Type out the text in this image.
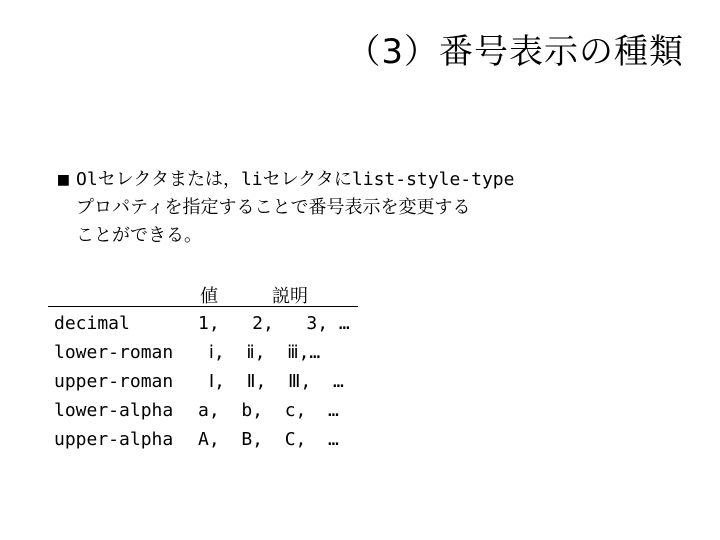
（3）番号表示の種類
■ Olセレクタまたは，liセレクタにlist-style-type
プロパティを指定することで番号表示を変更する
ことができる。
値	説明
decimal	1,   2,   3, …
lower-roman ⅰ,  ⅱ,  ⅲ,…
upper-roman Ⅰ,  Ⅱ,  Ⅲ,  …
lower-alpha a,  b,  c,  …
upper-alpha A,  B,  C,  …
